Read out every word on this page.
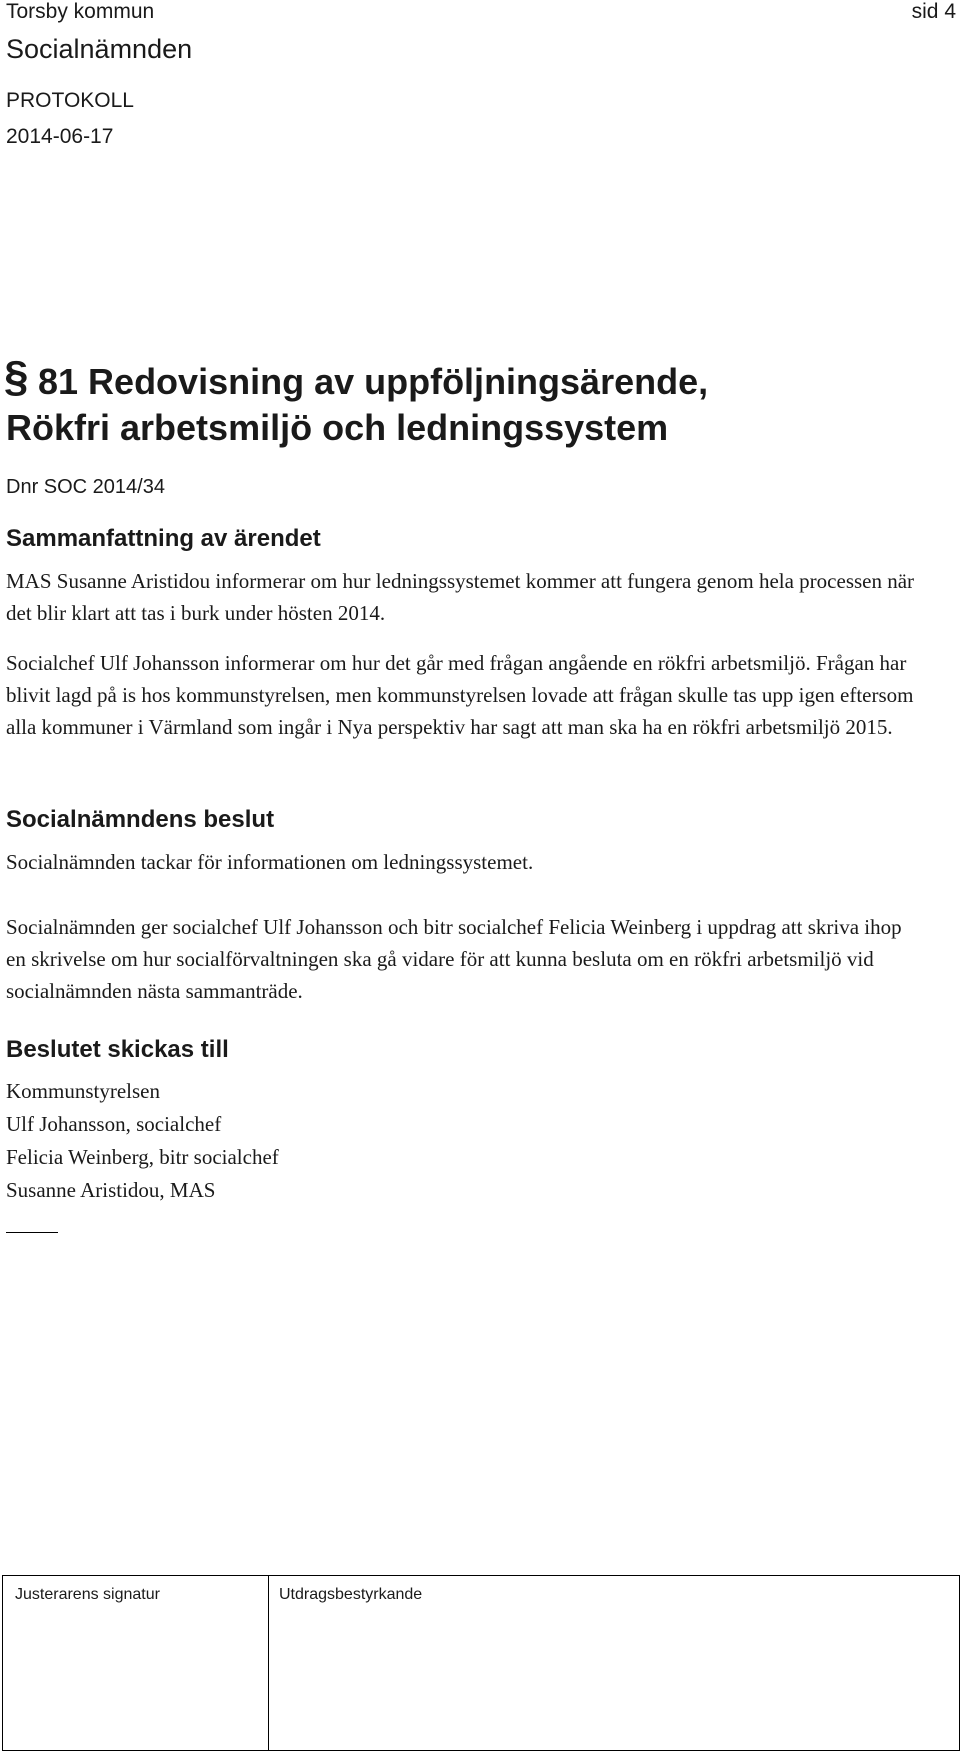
Torsby kommun	sid 4
Socialnämnden
PROTOKOLL
2014-06-17
§ 81 Redovisning av uppföljningsärende,
Rökfri arbetsmiljö och ledningssystem
Dnr SOC 2014/34
Sammanfattning av ärendet
MAS Susanne Aristidou informerar om hur ledningssystemet kommer att fungera genom hela processen när det blir klart att tas i burk under hösten 2014.
Socialchef Ulf Johansson informerar om hur det går med frågan angående en rökfri arbetsmiljö. Frågan har blivit lagd på is hos kommunstyrelsen, men kommunstyrelsen lovade att frågan skulle tas upp igen eftersom alla kommuner i Värmland som ingår i Nya perspektiv har sagt att man ska ha en rökfri arbetsmiljö 2015.
Socialnämndens beslut
Socialnämnden tackar för informationen om ledningssystemet.
Socialnämnden ger socialchef Ulf Johansson och bitr socialchef Felicia Weinberg i uppdrag att skriva ihop en skrivelse om hur socialförvaltningen ska gå vidare för att kunna besluta om en rökfri arbetsmiljö vid socialnämnden nästa sammanträde.
Beslutet skickas till
Kommunstyrelsen
Ulf Johansson, socialchef
Felicia Weinberg, bitr socialchef
Susanne Aristidou, MAS
Justerarens signatur	Utdragsbestyrkande
